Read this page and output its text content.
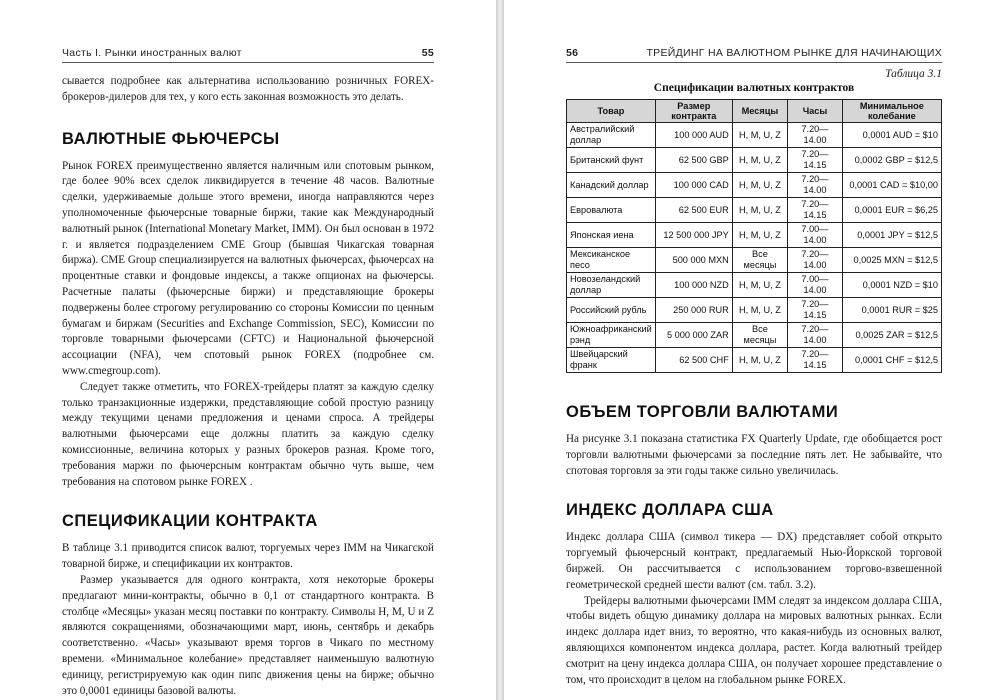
Часть I. Рынки иностранных валют	55

сывается подробнее как альтернатива использованию розничных FOREX-брокеров-дилеров для тех, у кого есть законная возможность это делать.

ВАЛЮТНЫЕ ФЬЮЧЕРСЫ

Рынок FOREX преимущественно является наличным или спотовым рынком, где более 90% всех сделок ликвидируется в течение 48 часов. Валютные сделки, удерживаемые дольше этого времени, иногда направляются через уполномоченные фьючерсные товарные биржи, такие как Международный валютный рынок (International Monetary Market, IMM). Он был основан в 1972 г. и является подразделением CME Group (бывшая Чикагская товарная биржа). CME Group специализируется на валютных фьючерсах, фьючерсах на процентные ставки и фондовые индексы, а также опционах на фьючерсы. Расчетные палаты (фьючерсные биржи) и представляющие брокеры подвержены более строгому регулированию со стороны Комиссии по ценным бумагам и биржам (Securities and Exchange Commission, SEC), Комиссии по торговле товарными фьючерсами (CFTC) и Национальной фьючерсной ассоциации (NFA), чем спотовый рынок FOREX (подробнее см. www.cmegroup.com).

Следует также отметить, что FOREX-трейдеры платят за каждую сделку только транзакционные издержки, представляющие собой простую разницу между текущими ценами предложения и ценами спроса. А трейдеры валютными фьючерсами еще должны платить за каждую сделку комиссионные, величина которых у разных брокеров разная. Кроме того, требования маржи по фьючерсным контрактам обычно чуть выше, чем требования на спотовом рынке FOREX .

СПЕЦИФИКАЦИИ КОНТРАКТА

В таблице 3.1 приводится список валют, торгуемых через IMM на Чикагской товарной бирже, и спецификации их контрактов.

Размер указывается для одного контракта, хотя некоторые брокеры предлагают мини-контракты, обычно в 0,1 от стандартного контракта. В столбце «Месяцы» указан месяц поставки по контракту. Символы H, M, U и Z являются сокращениями, обозначающими март, июнь, сентябрь и декабрь соответственно. «Часы» указывают время торгов в Чикаго по местному времени. «Минимальное колебание» представляет наименьшую валютную единицу, регистрируемую как один пипс движения цены на бирже; обычно это 0,0001 единицы базовой валюты.

56	ТРЕЙДИНГ НА ВАЛЮТНОМ РЫНКЕ ДЛЯ НАЧИНАЮЩИХ
Таблица 3.1
Спецификации валютных контрактов
Товар	Размер контракта	Месяцы	Часы	Минимальное колебание
Австралийский доллар	100 000 AUD	H, M, U, Z	7.20—14.00	0,0001 AUD = $10
Британский фунт	62 500 GBP	H, M, U, Z	7.20—14.15	0,0002 GBP = $12,5
Канадский доллар	100 000 CAD	H, M, U, Z	7.20—14.00	0,0001 CAD = $10,00
Евровалюта	62 500 EUR	H, M, U, Z	7.20—14.15	0,0001 EUR = $6,25
Японская иена	12 500 000 JPY	H, M, U, Z	7.00—14.00	0,0001 JPY = $12,5
Мексиканское песо	500 000 MXN	Все месяцы	7.20—14.00	0,0025 MXN = $12,5
Новозеландский доллар	100 000 NZD	H, M, U, Z	7.00—14.00	0,0001 NZD = $10
Российский рубль	250 000 RUR	H, M, U, Z	7.20—14.15	0,0001 RUR = $25
Южноафриканский рэнд	5 000 000 ZAR	Все месяцы	7.20—14.00	0,0025 ZAR = $12,5
Швейцарский франк	62 500 CHF	H, M, U, Z	7.20—14.15	0,0001 CHF = $12,5
ОБЪЕМ ТОРГОВЛИ ВАЛЮТАМИ

На рисунке 3.1 показана статистика FX Quarterly Update, где обобщается рост торговли валютными фьючерсами за последние пять лет. Не забывайте, что спотовая торговля за эти годы также сильно увеличилась.

ИНДЕКС ДОЛЛАРА США

Индекс доллара США (символ тикера — DX) представляет собой открыто торгуемый фьючерсный контракт, предлагаемый Нью-Йоркской торговой биржей. Он рассчитывается с использованием торгово-взвешенной геометрической средней шести валют (см. табл. 3.2).

Трейдеры валютными фьючерсами IMM следят за индексом доллара США, чтобы видеть общую динамику доллара на мировых валютных рынках. Если индекс доллара идет вниз, то вероятно, что какая-нибудь из основных валют, являющихся компонентом индекса доллара, растет. Когда валютный трейдер смотрит на цену индекса доллара США, он получает хорошее представление о том, что происходит в целом на глобальном рынке FOREX.
